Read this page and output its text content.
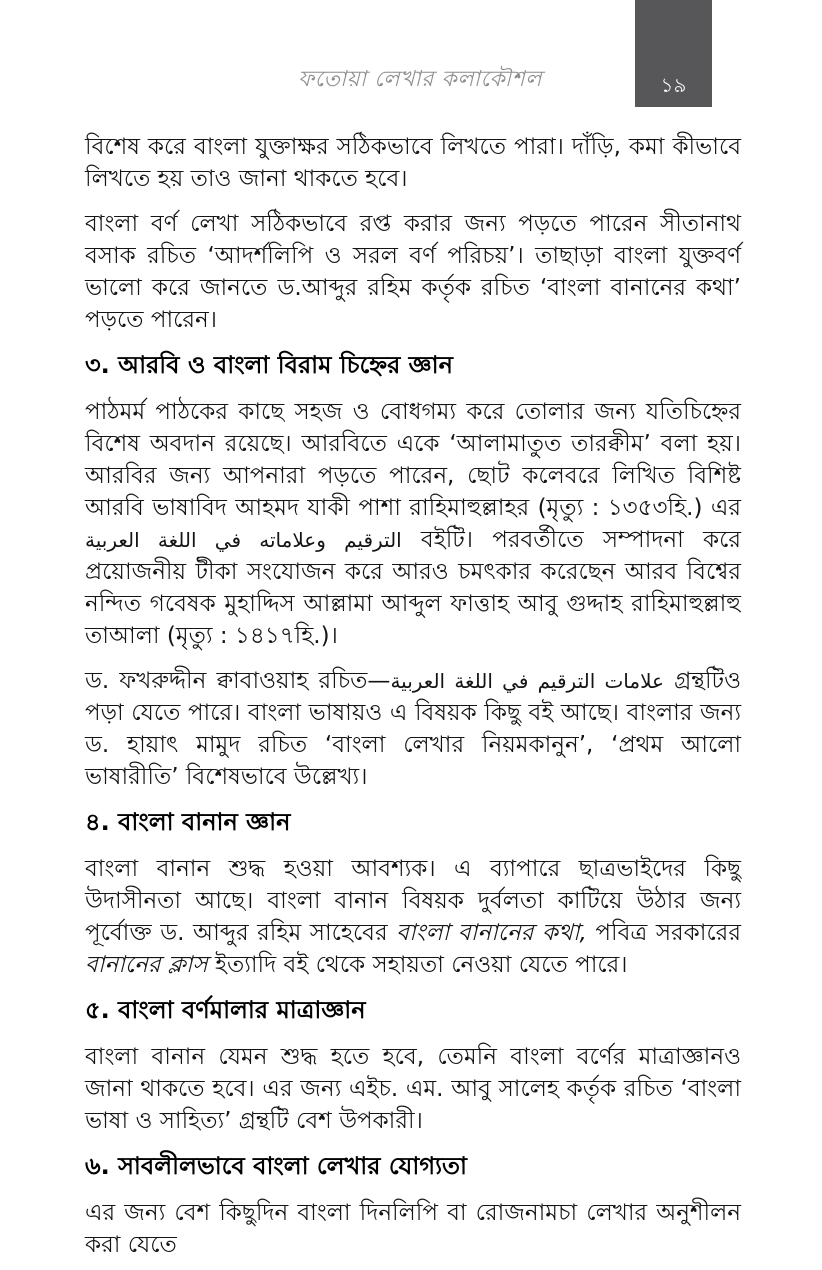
ফতোয়া লেখার কলাকৌশল	১৯

বিশেষ করে বাংলা যুক্তাক্ষর সঠিকভাবে লিখতে পারা। দাঁড়ি, কমা কীভাবে লিখতে হয় তাও জানা থাকতে হবে।

বাংলা বর্ণ লেখা সঠিকভাবে রপ্ত করার জন্য পড়তে পারেন সীতানাথ বসাক রচিত ‘আদর্শলিপি ও সরল বর্ণ পরিচয়’। তাছাড়া বাংলা যুক্তবর্ণ ভালো করে জানতে ড.আব্দুর রহিম কর্তৃক রচিত ‘বাংলা বানানের কথা’ পড়তে পারেন।

৩. আরবি ও বাংলা বিরাম চিহ্নের জ্ঞান

পাঠমর্ম পাঠকের কাছে সহজ ও বোধগম্য করে তোলার জন্য যতিচিহ্নের বিশেষ অবদান রয়েছে। আরবিতে একে ‘আলামাতুত তারক্বীম’ বলা হয়। আরবির জন্য আপনারা পড়তে পারেন, ছোট কলেবরে লিখিত বিশিষ্ট আরবি ভাষাবিদ আহমদ যাকী পাশা রাহিমাহুল্লাহর (মৃত্যু : ১৩৫৩হি.) এর الترقيم وعلاماته في اللغة العربية বইটি। পরবর্তীতে সম্পাদনা করে প্রয়োজনীয় টীকা সংযোজন করে আরও চমৎকার করেছেন আরব বিশ্বের নন্দিত গবেষক মুহাদ্দিস আল্লামা আব্দুল ফাত্তাহ আবু গুদ্দাহ রাহিমাহুল্লাহু তাআলা (মৃত্যু : ১৪১৭হি.)।

ড. ফখরুদ্দীন ক্বাবাওয়াহ রচিত—علامات الترقيم في اللغة العربية গ্রন্থটিও পড়া যেতে পারে। বাংলা ভাষায়ও এ বিষয়ক কিছু বই আছে। বাংলার জন্য ড. হায়াৎ মামুদ রচিত ‘বাংলা লেখার নিয়মকানুন’, ‘প্রথম আলো ভাষারীতি’ বিশেষভাবে উল্লেখ্য।

৪. বাংলা বানান জ্ঞান

বাংলা বানান শুদ্ধ হওয়া আবশ্যক। এ ব্যাপারে ছাত্রভাইদের কিছু উদাসীনতা আছে। বাংলা বানান বিষয়ক দুর্বলতা কাটিয়ে উঠার জন্য পূর্বোক্ত ড. আব্দুর রহিম সাহেবের বাংলা বানানের কথা, পবিত্র সরকারের বানানের ক্লাস ইত্যাদি বই থেকে সহায়তা নেওয়া যেতে পারে।

৫. বাংলা বর্ণমালার মাত্রাজ্ঞান

বাংলা বানান যেমন শুদ্ধ হতে হবে, তেমনি বাংলা বর্ণের মাত্রাজ্ঞানও জানা থাকতে হবে। এর জন্য এইচ. এম. আবু সালেহ কর্তৃক রচিত ‘বাংলা ভাষা ও সাহিত্য’ গ্রন্থটি বেশ উপকারী।

৬. সাবলীলভাবে বাংলা লেখার যোগ্যতা

এর জন্য বেশ কিছুদিন বাংলা দিনলিপি বা রোজনামচা লেখার অনুশীলন করা যেতে
